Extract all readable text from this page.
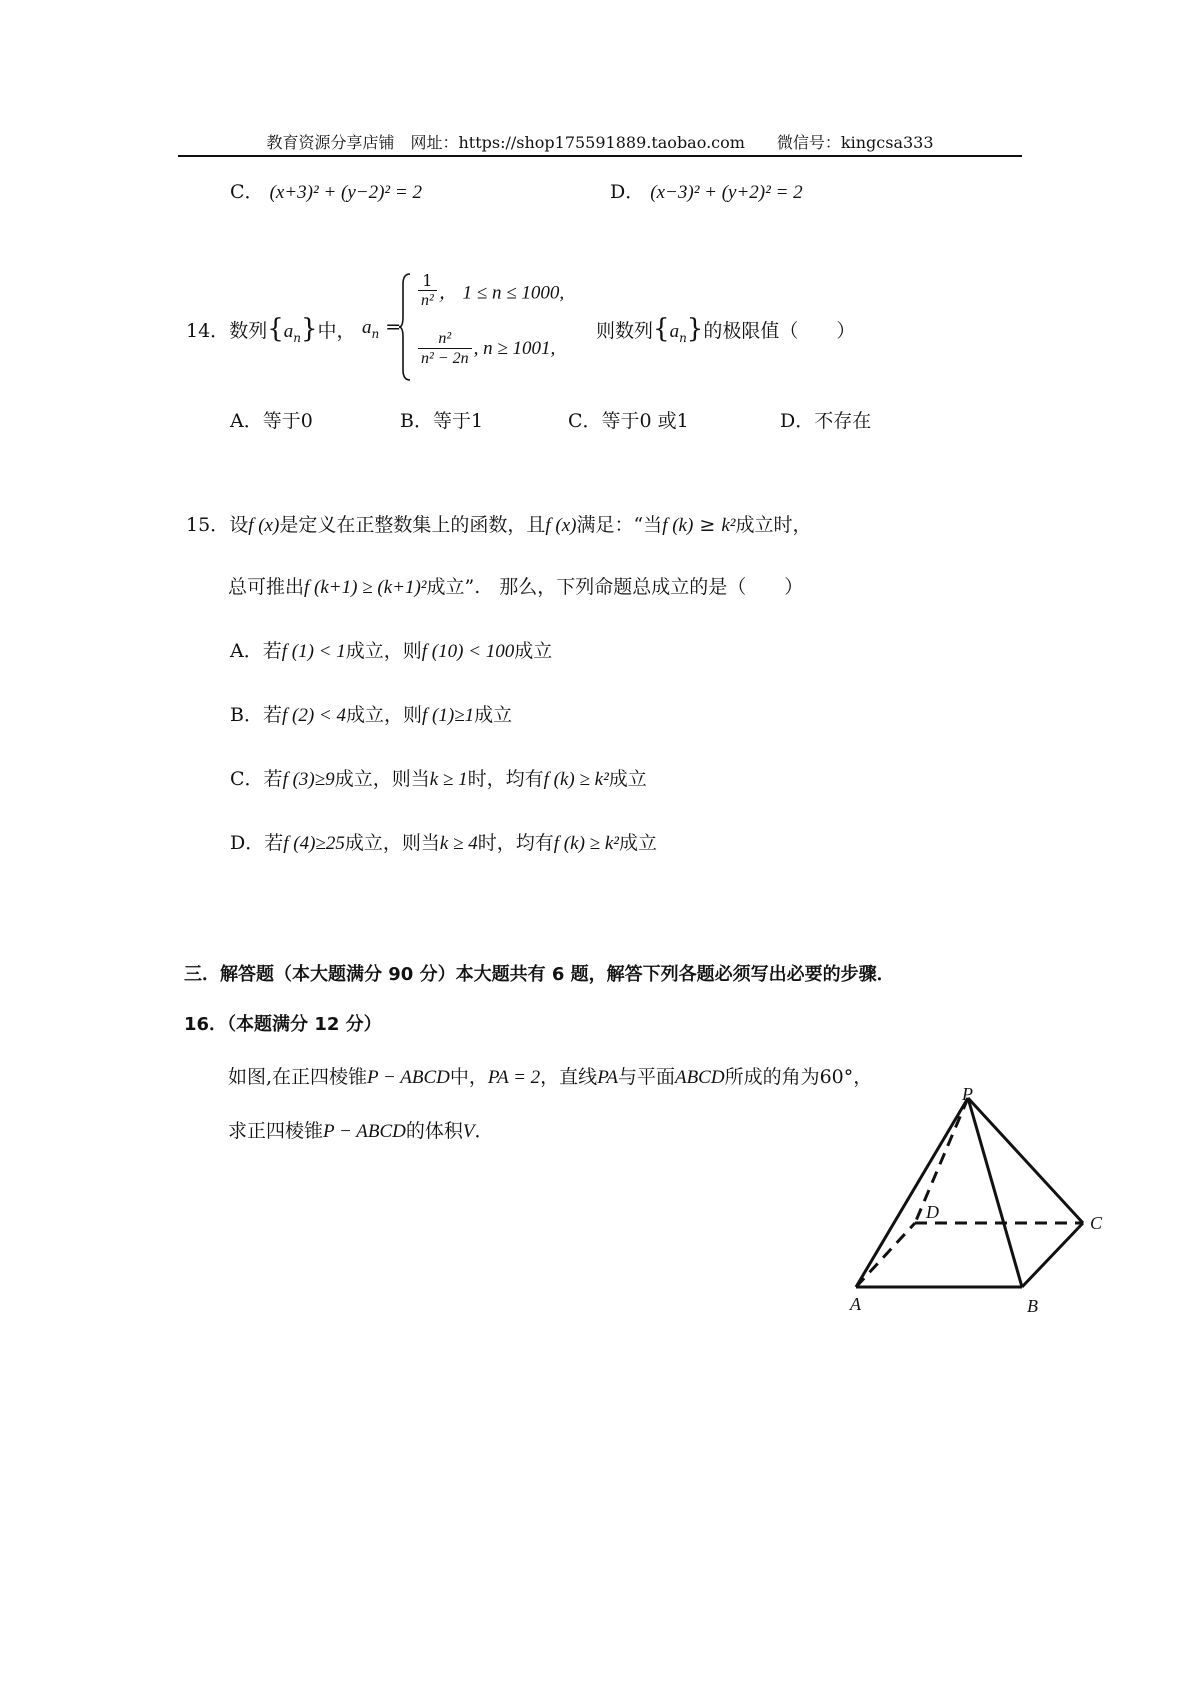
教育资源分享店铺　网址：https://shop175591889.taobao.com　　微信号：kingcsa333
C． (x+3)² + (y−2)² = 2	D． (x−3)² + (y+2)² = 2
14．数列$\{a_n\}$中， $a_n$ =
$\frac{1}{\text{n²}}$ ， 1 ≤ n ≤ 1000,
$\frac{\text{n²}}{\text{n² − 2n}}$ , n ≥ 1001,
则数列$\{a_n\}$的极限值（　　）
A．等于0	B．等于1	C．等于0 或1	D．不存在
15．设f (x)是定义在正整数集上的函数，且f (x)满足：“当f (k) ≥ k²成立时，
总可推出f (k+1) ≥ (k+1)²成立”.　那么，下列命题总成立的是（　　）
A．若f (1) < 1成立，则f (10) < 100成立
B．若f (2) < 4成立，则f (1)≥1成立
C．若f (3)≥9成立，则当k ≥ 1时，均有f (k) ≥ k²成立
D．若f (4)≥25成立，则当k ≥ 4时，均有f (k) ≥ k²成立
三．解答题（本大题满分 90 分）本大题共有 6 题，解答下列各题必须写出必要的步骤．
16．（本题满分 12 分）
如图,在正四棱锥P − ABCD中，PA = 2，直线PA与平面ABCD所成的角为60°，
求正四棱锥P − ABCD的体积V．
P
A	B
C
D
